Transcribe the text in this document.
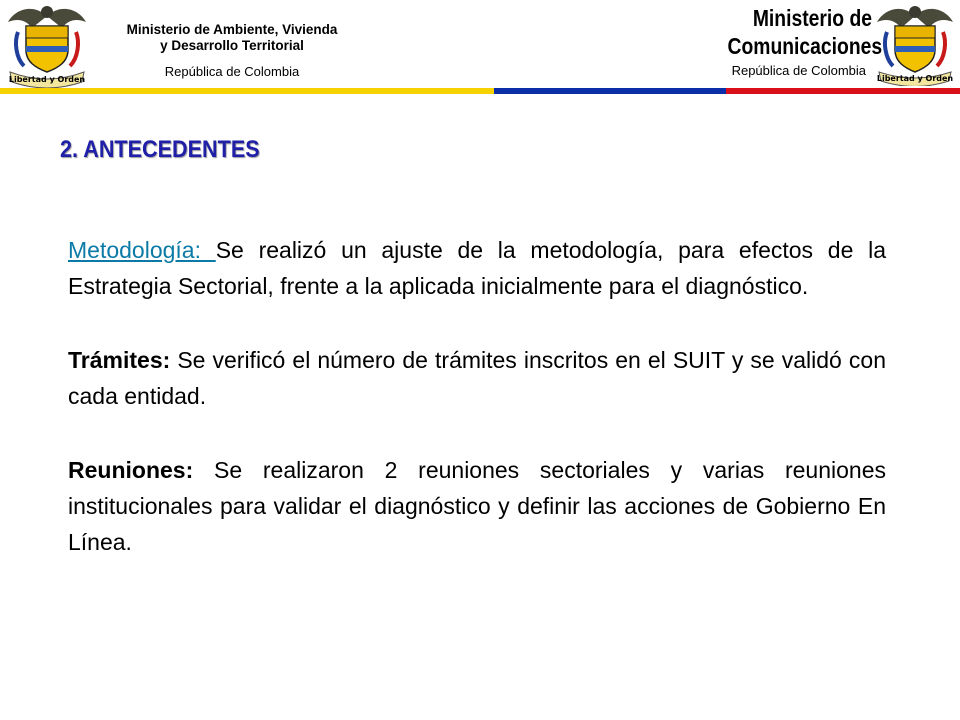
Libertad y Orden
Ministerio de Ambiente, Vivienda
y Desarrollo Territorial
República de Colombia
Ministerio de
Comunicaciones
República de Colombia
Libertad y Orden
2. ANTECEDENTES

Metodología: Se realizó un ajuste de la metodología, para efectos de la Estrategia Sectorial, frente a la aplicada inicialmente para el diagnóstico.

Trámites: Se verificó el número de trámites inscritos en el SUIT y se validó con cada entidad.

Reuniones: Se realizaron 2 reuniones sectoriales y varias reuniones institucionales para validar el diagnóstico y definir las acciones de Gobierno En Línea.
